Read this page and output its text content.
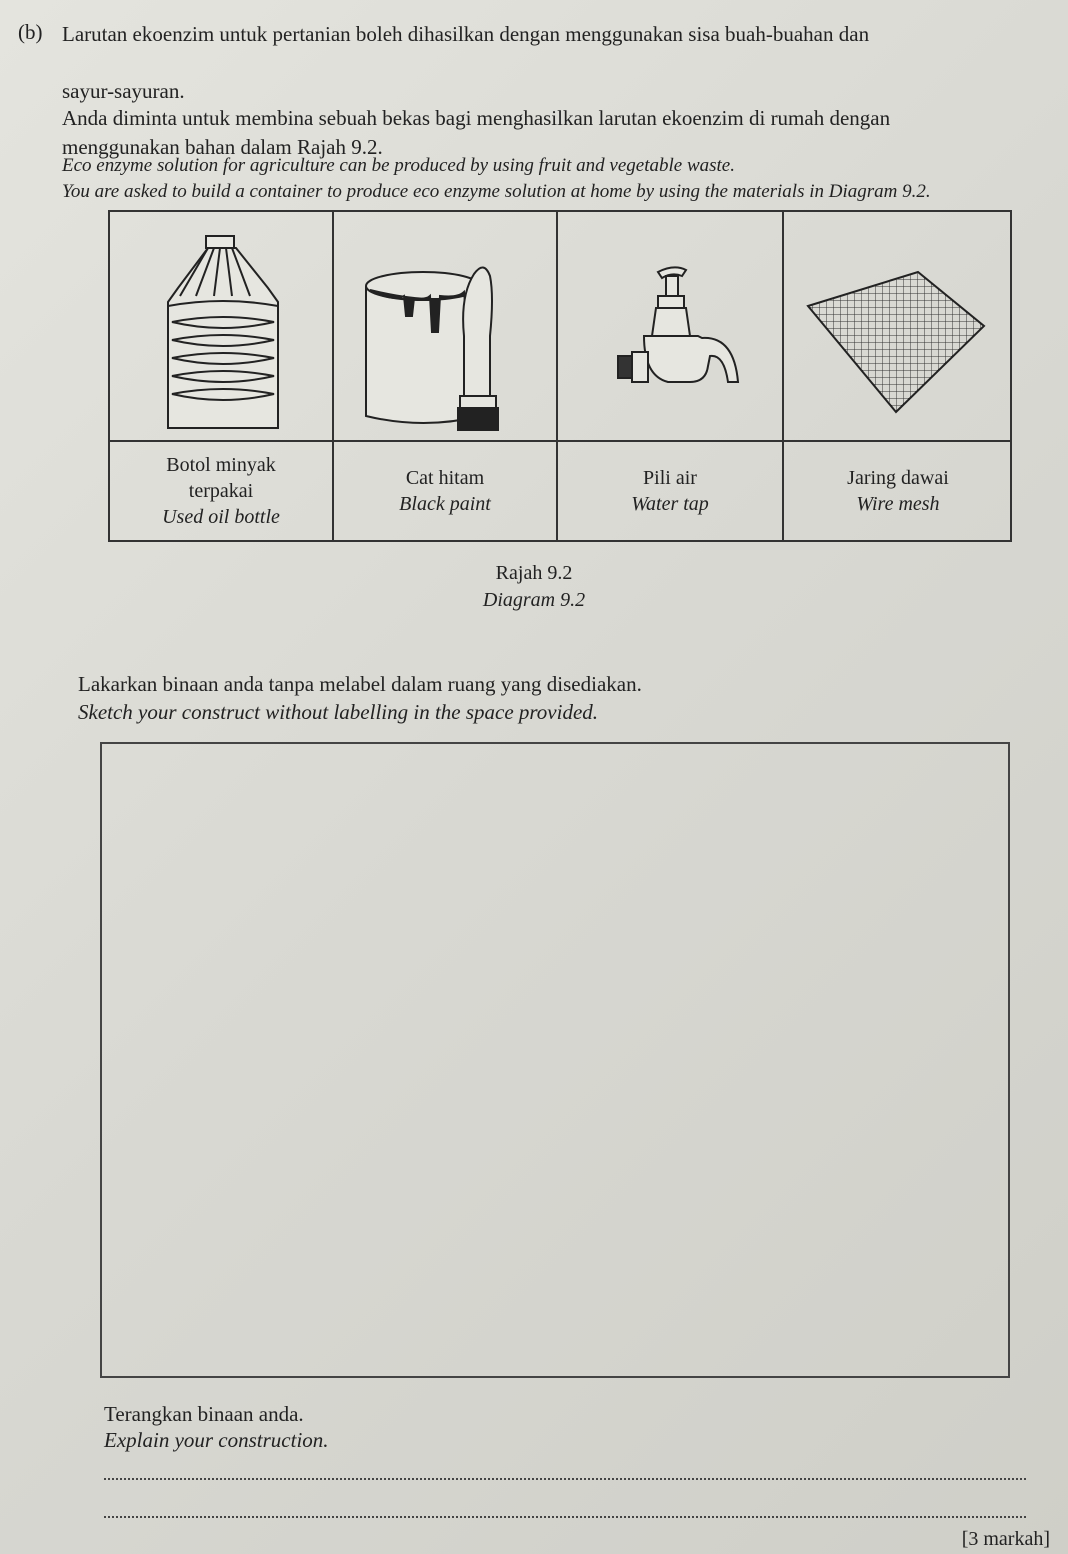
(b) Larutan ekoenzim untuk pertanian boleh dihasilkan dengan menggunakan sisa buah-buahan dan
sayur-sayuran.
Anda diminta untuk membina sebuah bekas bagi menghasilkan larutan ekoenzim di rumah dengan
menggunakan bahan dalam Rajah 9.2.
Eco enzyme solution for agriculture can be produced by using fruit and vegetable waste.
You are asked to build a container to produce eco enzyme solution at home by using the materials in Diagram 9.2.
Botol minyak
terpakai
Used oil bottle
Cat hitam
Black paint
Pili air
Water tap
Jaring dawai
Wire mesh
Rajah 9.2
Diagram 9.2
Lakarkan binaan anda tanpa melabel dalam ruang yang disediakan.
Sketch your construct without labelling in the space provided.
Terangkan binaan anda.
Explain your construction.
[3 markah]
